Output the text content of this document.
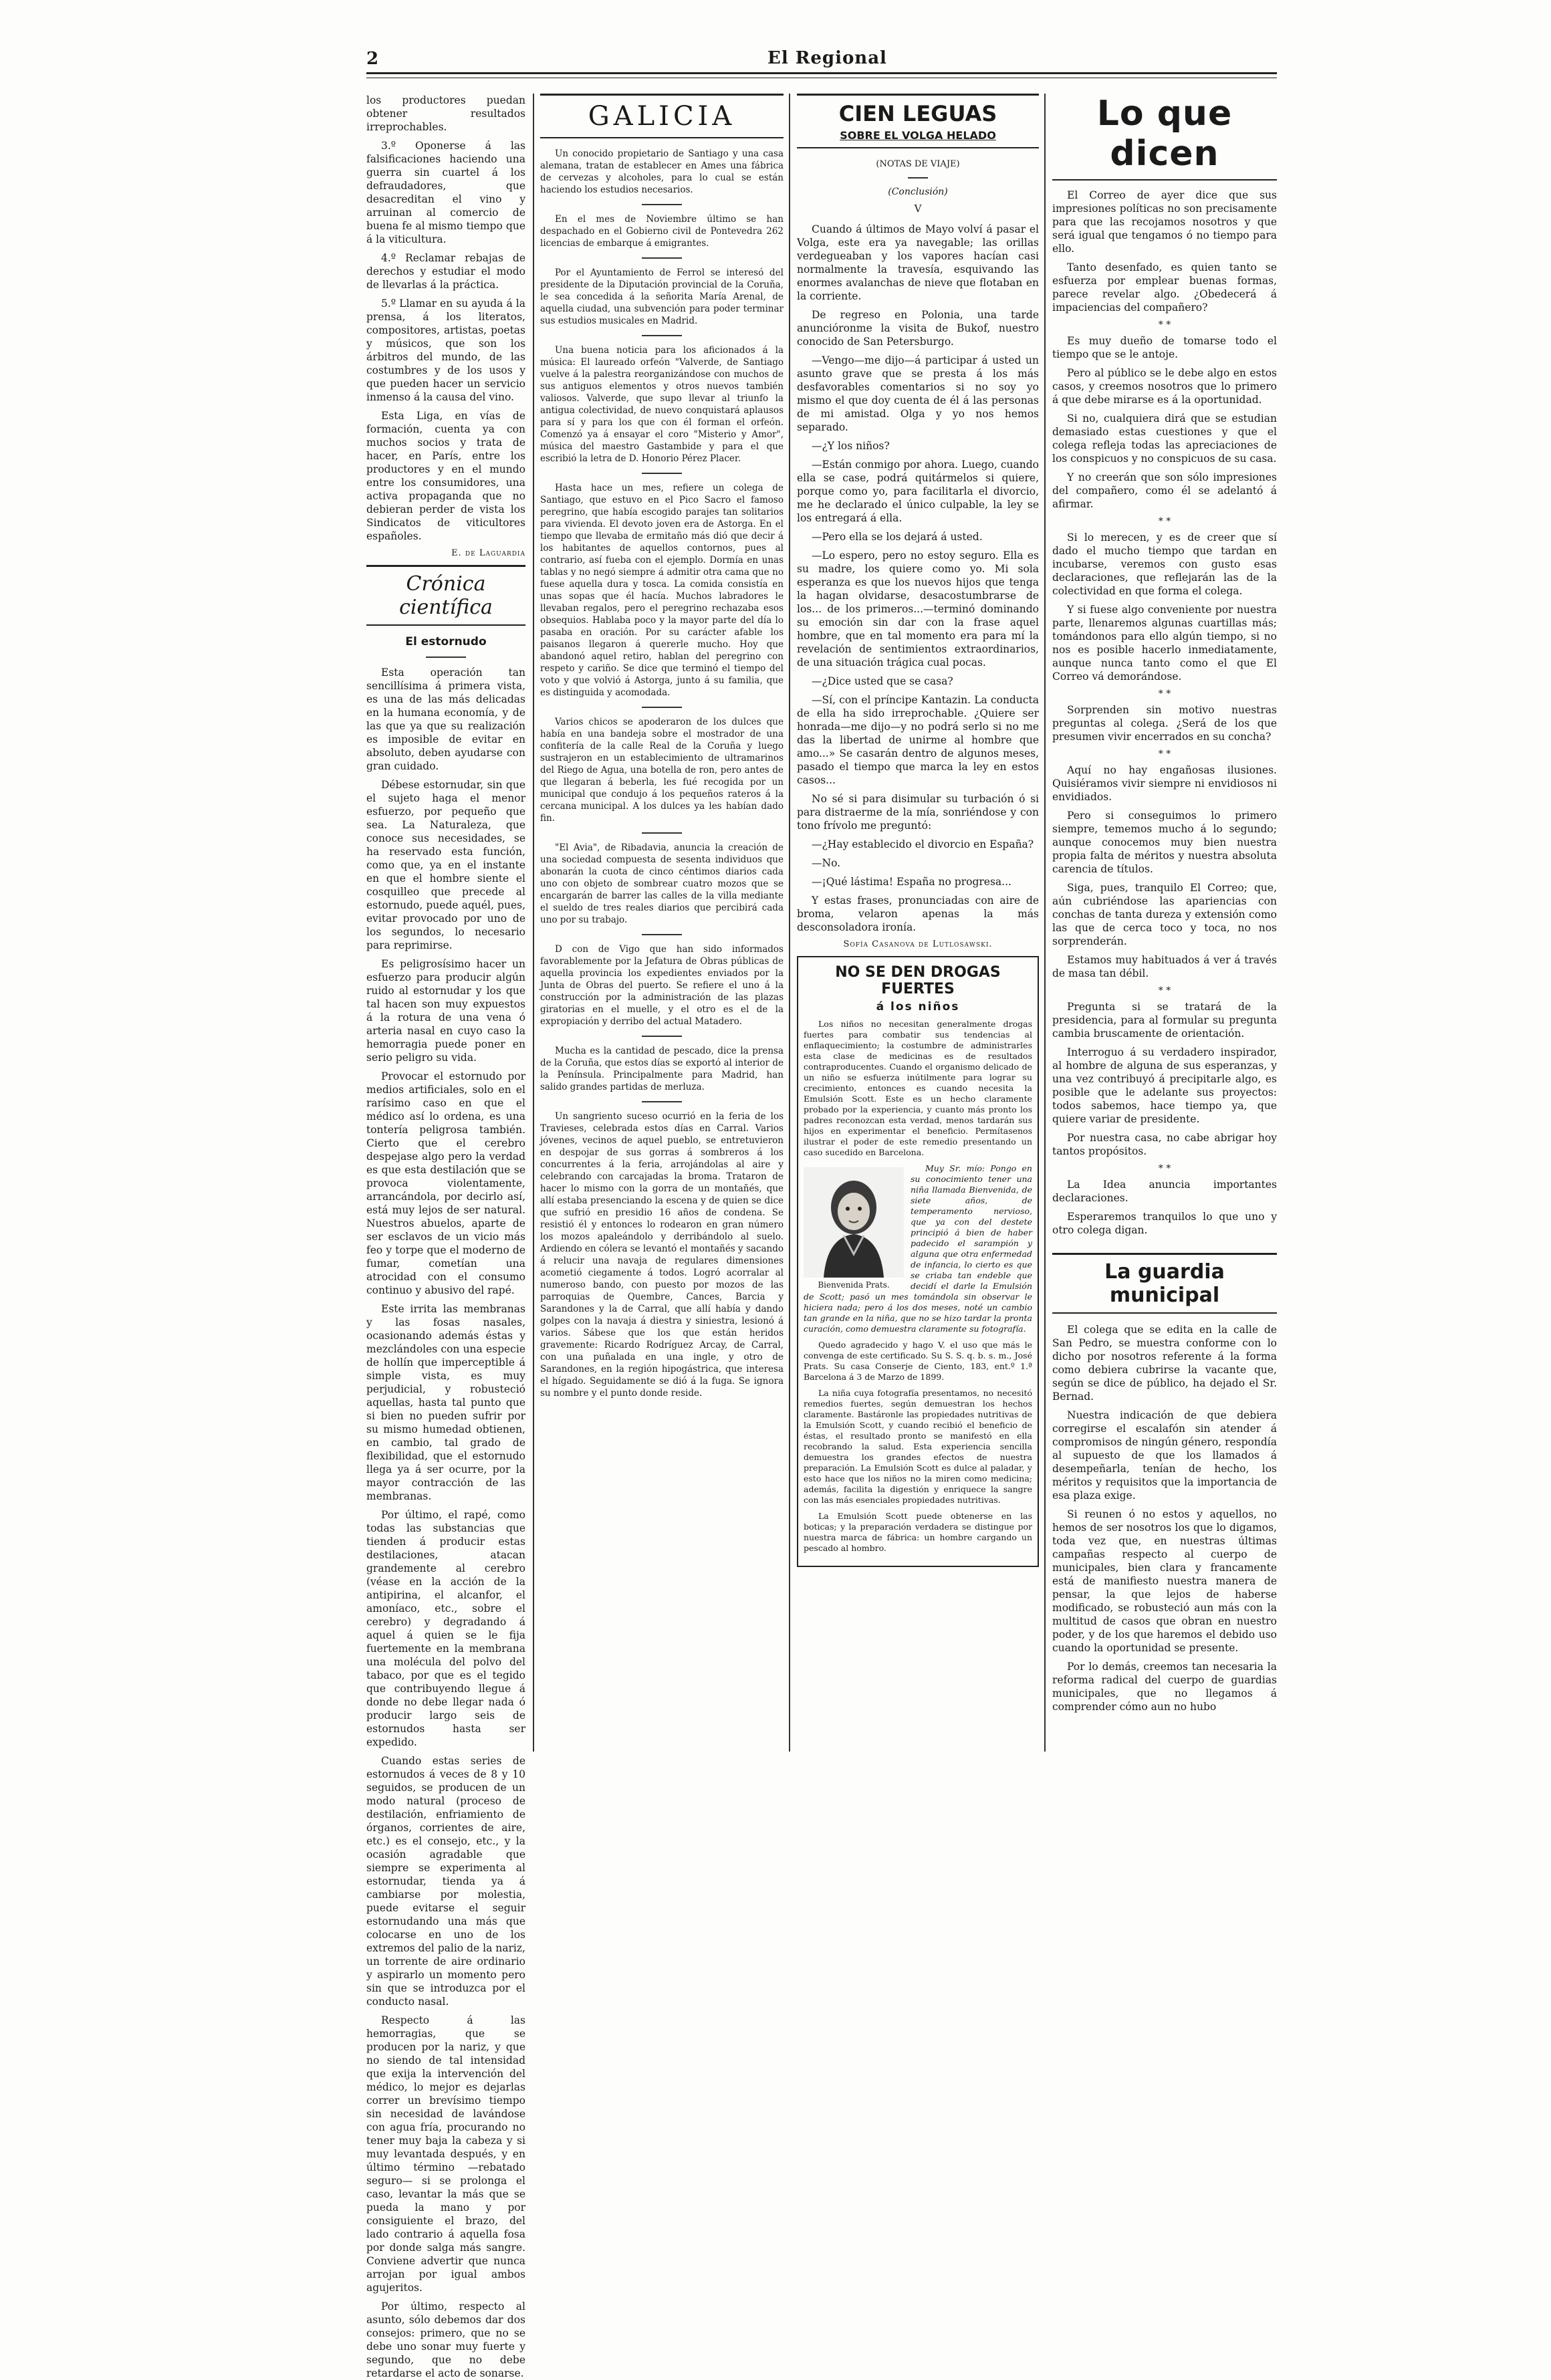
2	El Regional

los productores puedan obtener resultados irreprochables.

3.º Oponerse á las falsificaciones haciendo una guerra sin cuartel á los defraudadores, que desacreditan el vino y arruinan al comercio de buena fe al mismo tiempo que á la viticultura.

4.º Reclamar rebajas de derechos y estudiar el modo de llevarlas á la práctica.

5.º Llamar en su ayuda á la prensa, á los literatos, compositores, artistas, poetas y músicos, que son los árbitros del mundo, de las costumbres y de los usos y que pueden hacer un servicio inmenso á la causa del vino.

Esta Liga, en vías de formación, cuenta ya con muchos socios y trata de hacer, en París, entre los productores y en el mundo entre los consumidores, una activa propaganda que no debieran perder de vista los Sindicatos de viticultores españoles.

E. de Laguardia
Crónica científica
El estornudo

Esta operación tan sencillísima á primera vista, es una de las más delicadas en la humana economía, y de las que ya que su realización es imposible de evitar en absoluto, deben ayudarse con gran cuidado.

Débese estornudar, sin que el sujeto haga el menor esfuerzo, por pequeño que sea. La Naturaleza, que conoce sus necesidades, se ha reservado esta función, como que, ya en el instante en que el hombre siente el cosquilleo que precede al estornudo, puede aquél, pues, evitar provocado por uno de los segundos, lo necesario para reprimirse.

Es peligrosísimo hacer un esfuerzo para producir algún ruido al estornudar y los que tal hacen son muy expuestos á la rotura de una vena ó arteria nasal en cuyo caso la hemorragia puede poner en serio peligro su vida.

Provocar el estornudo por medios artificiales, solo en el rarísimo caso en que el médico así lo ordena, es una tontería peligrosa también. Cierto que el cerebro despejase algo pero la verdad es que esta destilación que se provoca violentamente, arrancándola, por decirlo así, está muy lejos de ser natural. Nuestros abuelos, aparte de ser esclavos de un vicio más feo y torpe que el moderno de fumar, cometían una atrocidad con el consumo continuo y abusivo del rapé.

Este irrita las membranas y las fosas nasales, ocasionando además éstas y mezclándoles con una especie de hollín que imperceptible á simple vista, es muy perjudicial, y robusteció aquellas, hasta tal punto que si bien no pueden sufrir por su mismo humedad obtienen, en cambio, tal grado de flexibilidad, que el estornudo llega ya á ser ocurre, por la mayor contracción de las membranas.

Por último, el rapé, como todas las substancias que tienden á producir estas destilaciones, atacan grandemente al cerebro (véase en la acción de la antipirina, el alcanfor, el amoníaco, etc., sobre el cerebro) y degradando á aquel á quien se le fija fuertemente en la membrana una molécula del polvo del tabaco, por que es el tegido que contribuyendo llegue á donde no debe llegar nada ó producir largo seis de estornudos hasta ser expedido.

Cuando estas series de estornudos á veces de 8 y 10 seguidos, se producen de un modo natural (proceso de destilación, enfriamiento de órganos, corrientes de aire, etc.) es el consejo, etc., y la ocasión agradable que siempre se experimenta al estornudar, tienda ya á cambiarse por molestia, puede evitarse el seguir estornudando una más que colocarse en uno de los extremos del palio de la nariz, un torrente de aire ordinario y aspirarlo un momento pero sin que se introduzca por el conducto nasal.

Respecto á las hemorragias, que se producen por la nariz, y que no siendo de tal intensidad que exija la intervención del médico, lo mejor es dejarlas correr un brevísimo tiempo sin necesidad de lavándose con agua fría, procurando no tener muy baja la cabeza y si muy levantada después, y en último término —rebatado seguro— si se prolonga el caso, levantar la más que se pueda la mano y por consiguiente el brazo, del lado contrario á aquella fosa por donde salga más sangre. Conviene advertir que nunca arrojan por igual ambos agujeritos.

Por último, respecto al asunto, sólo debemos dar dos consejos: primero, que no se debe uno sonar muy fuerte y segundo, que no debe retardarse el acto de sonarse.

GALICIA

Un conocido propietario de Santiago y una casa alemana, tratan de establecer en Ames una fábrica de cervezas y alcoholes, para lo cual se están haciendo los estudios necesarios.

En el mes de Noviembre último se han despachado en el Gobierno civil de Pontevedra 262 licencias de embarque á emigrantes.

Por el Ayuntamiento de Ferrol se interesó del presidente de la Diputación provincial de la Coruña, le sea concedida á la señorita María Arenal, de aquella ciudad, una subvención para poder terminar sus estudios musicales en Madrid.

Una buena noticia para los aficionados á la música: El laureado orfeón "Valverde, de Santiago vuelve á la palestra reorganizándose con muchos de sus antiguos elementos y otros nuevos también valiosos. Valverde, que supo llevar al triunfo la antigua colectividad, de nuevo conquistará aplausos para sí y para los que con él forman el orfeón. Comenzó ya á ensayar el coro "Misterio y Amor", música del maestro Gastambide y para el que escribió la letra de D. Honorio Pérez Placer.

Hasta hace un mes, refiere un colega de Santiago, que estuvo en el Pico Sacro el famoso peregrino, que había escogido parajes tan solitarios para vivienda. El devoto joven era de Astorga. En el tiempo que llevaba de ermitaño más dió que decir á los habitantes de aquellos contornos, pues al contrario, así fueba con el ejemplo. Dormía en unas tablas y no negó siempre á admitir otra cama que no fuese aquella dura y tosca. La comida consistía en unas sopas que él hacía. Muchos labradores le llevaban regalos, pero el peregrino rechazaba esos obsequios. Hablaba poco y la mayor parte del día lo pasaba en oración. Por su carácter afable los paisanos llegaron á quererle mucho. Hoy que abandonó aquel retiro, hablan del peregrino con respeto y cariño. Se dice que terminó el tiempo del voto y que volvió á Astorga, junto á su familia, que es distinguida y acomodada.

Varios chicos se apoderaron de los dulces que había en una bandeja sobre el mostrador de una confitería de la calle Real de la Coruña y luego sustrajeron en un establecimiento de ultramarinos del Riego de Agua, una botella de ron, pero antes de que llegaran á beberla, les fué recogida por un municipal que condujo á los pequeños rateros á la cercana municipal. A los dulces ya les habían dado fin.

"El Avia", de Ribadavia, anuncia la creación de una sociedad compuesta de sesenta individuos que abonarán la cuota de cinco céntimos diarios cada uno con objeto de sombrear cuatro mozos que se encargarán de barrer las calles de la villa mediante el sueldo de tres reales diarios que percibirá cada uno por su trabajo.

D con de Vigo que han sido informados favorablemente por la Jefatura de Obras públicas de aquella provincia los expedientes enviados por la Junta de Obras del puerto. Se refiere el uno á la construcción por la administración de las plazas giratorias en el muelle, y el otro es el de la expropiación y derribo del actual Matadero.

Mucha es la cantidad de pescado, dice la prensa de la Coruña, que estos días se exportó al interior de la Península. Principalmente para Madrid, han salido grandes partidas de merluza.

Un sangriento suceso ocurrió en la feria de los Travieses, celebrada estos días en Carral. Varios jóvenes, vecinos de aquel pueblo, se entretuvieron en despojar de sus gorras á sombreros á los concurrentes á la feria, arrojándolas al aire y celebrando con carcajadas la broma. Trataron de hacer lo mismo con la gorra de un montañés, que allí estaba presenciando la escena y de quien se dice que sufrió en presidio 16 años de condena. Se resistió él y entonces lo rodearon en gran número los mozos apaleándolo y derribándolo al suelo. Ardiendo en cólera se levantó el montañés y sacando á relucir una navaja de regulares dimensiones acometió ciegamente á todos. Logró acorralar al numeroso bando, con puesto por mozos de las parroquias de Quembre, Cances, Barcia y Sarandones y la de Carral, que allí había y dando golpes con la navaja á diestra y siniestra, lesionó á varios. Sábese que los que están heridos gravemente: Ricardo Rodríguez Arcay, de Carral, con una puñalada en una ingle, y otro de Sarandones, en la región hipogástrica, que interesa el hígado. Seguidamente se dió á la fuga. Se ignora su nombre y el punto donde reside.

CIEN LEGUAS
SOBRE EL VOLGA HELADO
(NOTAS DE VIAJE)
(Conclusión)
V

Cuando á últimos de Mayo volví á pasar el Volga, este era ya navegable; las orillas verdegueaban y los vapores hacían casi normalmente la travesía, esquivando las enormes avalanchas de nieve que flotaban en la corriente.

De regreso en Polonia, una tarde anuncióronme la visita de Bukof, nuestro conocido de San Petersburgo.

—Vengo—me dijo—á participar á usted un asunto grave que se presta á los más desfavorables comentarios si no soy yo mismo el que doy cuenta de él á las personas de mi amistad. Olga y yo nos hemos separado.

—¿Y los niños?

—Están conmigo por ahora. Luego, cuando ella se case, podrá quitármelos si quiere, porque como yo, para facilitarla el divorcio, me he declarado el único culpable, la ley se los entregará á ella.

—Pero ella se los dejará á usted.

—Lo espero, pero no estoy seguro. Ella es su madre, los quiere como yo. Mi sola esperanza es que los nuevos hijos que tenga la hagan olvidarse, desacostumbrarse de los... de los primeros...—terminó dominando su emoción sin dar con la frase aquel hombre, que en tal momento era para mí la revelación de sentimientos extraordinarios, de una situación trágica cual pocas.

—¿Dice usted que se casa?

—Sí, con el príncipe Kantazin. La conducta de ella ha sido irreprochable. ¿Quiere ser honrada—me dijo—y no podrá serlo si no me das la libertad de unirme al hombre que amo...» Se casarán dentro de algunos meses, pasado el tiempo que marca la ley en estos casos...

No sé si para disimular su turbación ó si para distraerme de la mía, sonriéndose y con tono frívolo me preguntó:

—¿Hay establecido el divorcio en España?

—No.

—¡Qué lástima! España no progresa...

Y estas frases, pronunciadas con aire de broma, velaron apenas la más desconsoladora ironía.

Sofía Casanova de Lutlosawski.
NO SE DEN DROGAS FUERTES
á los niños

Los niños no necesitan generalmente drogas fuertes para combatir sus tendencias al enflaquecimiento; la costumbre de administrarles esta clase de medicinas es de resultados contraproducentes. Cuando el organismo delicado de un niño se esfuerza inútilmente para lograr su crecimiento, entonces es cuando necesita la Emulsión Scott. Este es un hecho claramente probado por la experiencia, y cuanto más pronto los padres reconozcan esta verdad, menos tardarán sus hijos en experimentar el beneficio. Permítasenos ilustrar el poder de este remedio presentando un caso sucedido en Barcelona.

Bienvenida Prats.

Muy Sr. mío: Pongo en su conocimiento tener una niña llamada Bienvenida, de siete años, de temperamento nervioso, que ya con del destete principió á bien de haber padecido el sarampión y alguna que otra enfermedad de infancia, lo cierto es que se criaba tan endeble que decidí el darle la Emulsión de Scott; pasó un mes tomándola sin observar le hiciera nada; pero á los dos meses, noté un cambio tan grande en la niña, que no se hizo tardar la pronta curación, como demuestra claramente su fotografía.

Quedo agradecido y hago V. el uso que más le convenga de este certificado. Su S. S. q. b. s. m., José Prats. Su casa Conserje de Ciento, 183, ent.º 1.ª Barcelona á 3 de Marzo de 1899.

La niña cuya fotografía presentamos, no necesitó remedios fuertes, según demuestran los hechos claramente. Bastáronle las propiedades nutritivas de la Emulsión Scott, y cuando recibió el beneficio de éstas, el resultado pronto se manifestó en ella recobrando la salud. Esta experiencia sencilla demuestra los grandes efectos de nuestra preparación. La Emulsión Scott es dulce al paladar, y esto hace que los niños no la miren como medicina; además, facilita la digestión y enriquece la sangre con las más esenciales propiedades nutritivas.

La Emulsión Scott puede obtenerse en las boticas; y la preparación verdadera se distingue por nuestra marca de fábrica: un hombre cargando un pescado al hombro.

Lo que dicen

El Correo de ayer dice que sus impresiones políticas no son precisamente para que las recojamos nosotros y que será igual que tengamos ó no tiempo para ello.

Tanto desenfado, es quien tanto se esfuerza por emplear buenas formas, parece revelar algo. ¿Obedecerá á impaciencias del compañero?

* *

Es muy dueño de tomarse todo el tiempo que se le antoje.

Pero al público se le debe algo en estos casos, y creemos nosotros que lo primero á que debe mirarse es á la oportunidad.

Si no, cualquiera dirá que se estudian demasiado estas cuestiones y que el colega refleja todas las apreciaciones de los conspicuos y no conspicuos de su casa.

Y no creerán que son sólo impresiones del compañero, como él se adelantó á afirmar.

* *

Si lo merecen, y es de creer que sí dado el mucho tiempo que tardan en incubarse, veremos con gusto esas declaraciones, que reflejarán las de la colectividad en que forma el colega.

Y si fuese algo conveniente por nuestra parte, llenaremos algunas cuartillas más; tomándonos para ello algún tiempo, si no nos es posible hacerlo inmediatamente, aunque nunca tanto como el que El Correo vá demorándose.

* *

Sorprenden sin motivo nuestras preguntas al colega. ¿Será de los que presumen vivir encerrados en su concha?

* *

Aquí no hay engañosas ilusiones. Quisiéramos vivir siempre ni envidiosos ni envidiados.

Pero si conseguimos lo primero siempre, tememos mucho á lo segundo; aunque conocemos muy bien nuestra propia falta de méritos y nuestra absoluta carencia de títulos.

Siga, pues, tranquilo El Correo; que, aún cubriéndose las apariencias con conchas de tanta dureza y extensión como las que de cerca toco y toca, no nos sorprenderán.

Estamos muy habituados á ver á través de masa tan débil.

* *

Pregunta si se tratará de la presidencia, para al formular su pregunta cambia bruscamente de orientación.

Interroguo á su verdadero inspirador, al hombre de alguna de sus esperanzas, y una vez contribuyó á precipitarle algo, es posible que le adelante sus proyectos: todos sabemos, hace tiempo ya, que quiere variar de presidente.

Por nuestra casa, no cabe abrigar hoy tantos propósitos.

* *

La Idea anuncia importantes declaraciones.

Esperaremos tranquilos lo que uno y otro colega digan.

La guardia municipal

El colega que se edita en la calle de San Pedro, se muestra conforme con lo dicho por nosotros referente á la forma como debiera cubrirse la vacante que, según se dice de público, ha dejado el Sr. Bernad.

Nuestra indicación de que debiera corregirse el escalafón sin atender á compromisos de ningún género, respondía al supuesto de que los llamados á desempeñarla, tenían de hecho, los méritos y requisitos que la importancia de esa plaza exige.

Si reunen ó no estos y aquellos, no hemos de ser nosotros los que lo digamos, toda vez que, en nuestras últimas campañas respecto al cuerpo de municipales, bien clara y francamente está de manifiesto nuestra manera de pensar, la que lejos de haberse modificado, se robusteció aun más con la multitud de casos que obran en nuestro poder, y de los que haremos el debido uso cuando la oportunidad se presente.

Por lo demás, creemos tan necesaria la reforma radical del cuerpo de guardias municipales, que no llegamos á comprender cómo aun no hubo
